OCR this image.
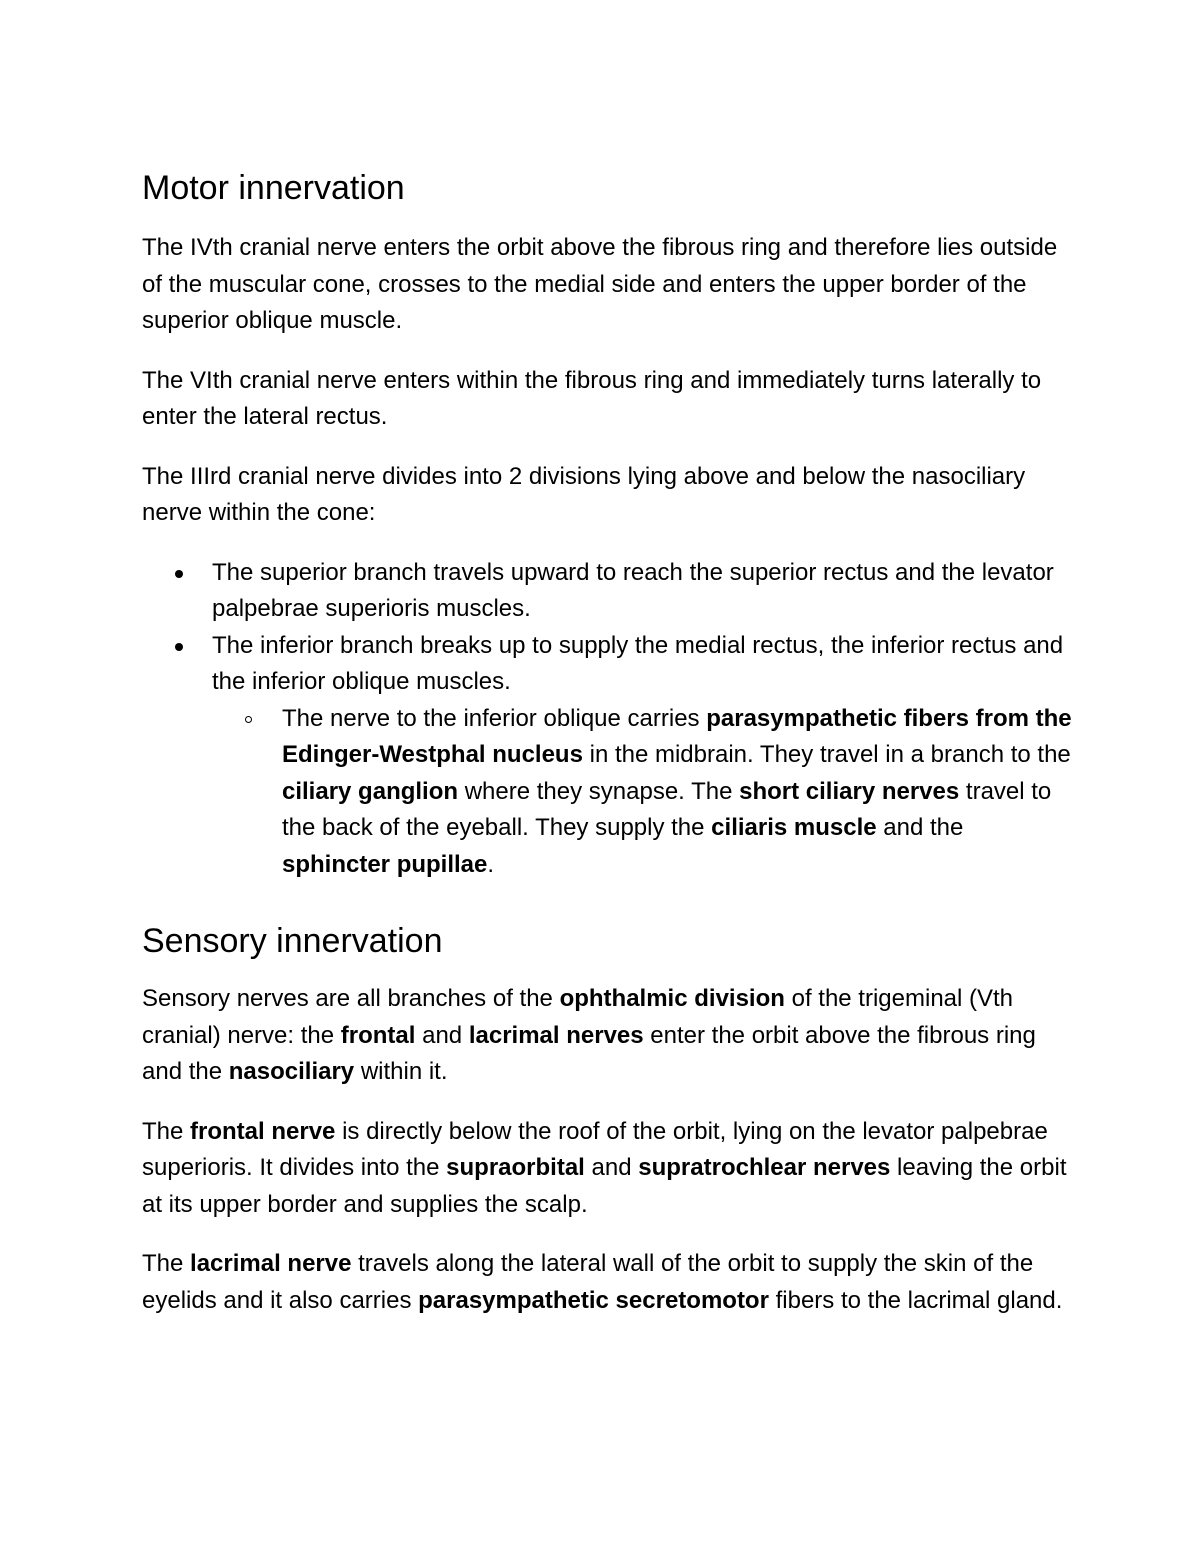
Motor innervation

The IVth cranial nerve enters the orbit above the fibrous ring and therefore lies outside of the muscular cone, crosses to the medial side and enters the upper border of the superior oblique muscle.

The VIth cranial nerve enters within the fibrous ring and immediately turns laterally to enter the lateral rectus.

The IIIrd cranial nerve divides into 2 divisions lying above and below the nasociliary nerve within the cone:

The superior branch travels upward to reach the superior rectus and the levator palpebrae superioris muscles.
The inferior branch breaks up to supply the medial rectus, the inferior rectus and the inferior oblique muscles.
The nerve to the inferior oblique carries parasympathetic fibers from the Edinger-Westphal nucleus in the midbrain. They travel in a branch to the ciliary ganglion where they synapse. The short ciliary nerves travel to the back of the eyeball. They supply the ciliaris muscle and the sphincter pupillae.
Sensory innervation

Sensory nerves are all branches of the ophthalmic division of the trigeminal (Vth cranial) nerve: the frontal and lacrimal nerves enter the orbit above the fibrous ring and the nasociliary within it.

The frontal nerve is directly below the roof of the orbit, lying on the levator palpebrae superioris. It divides into the supraorbital and supratrochlear nerves leaving the orbit at its upper border and supplies the scalp.

The lacrimal nerve travels along the lateral wall of the orbit to supply the skin of the eyelids and it also carries parasympathetic secretomotor fibers to the lacrimal gland.
